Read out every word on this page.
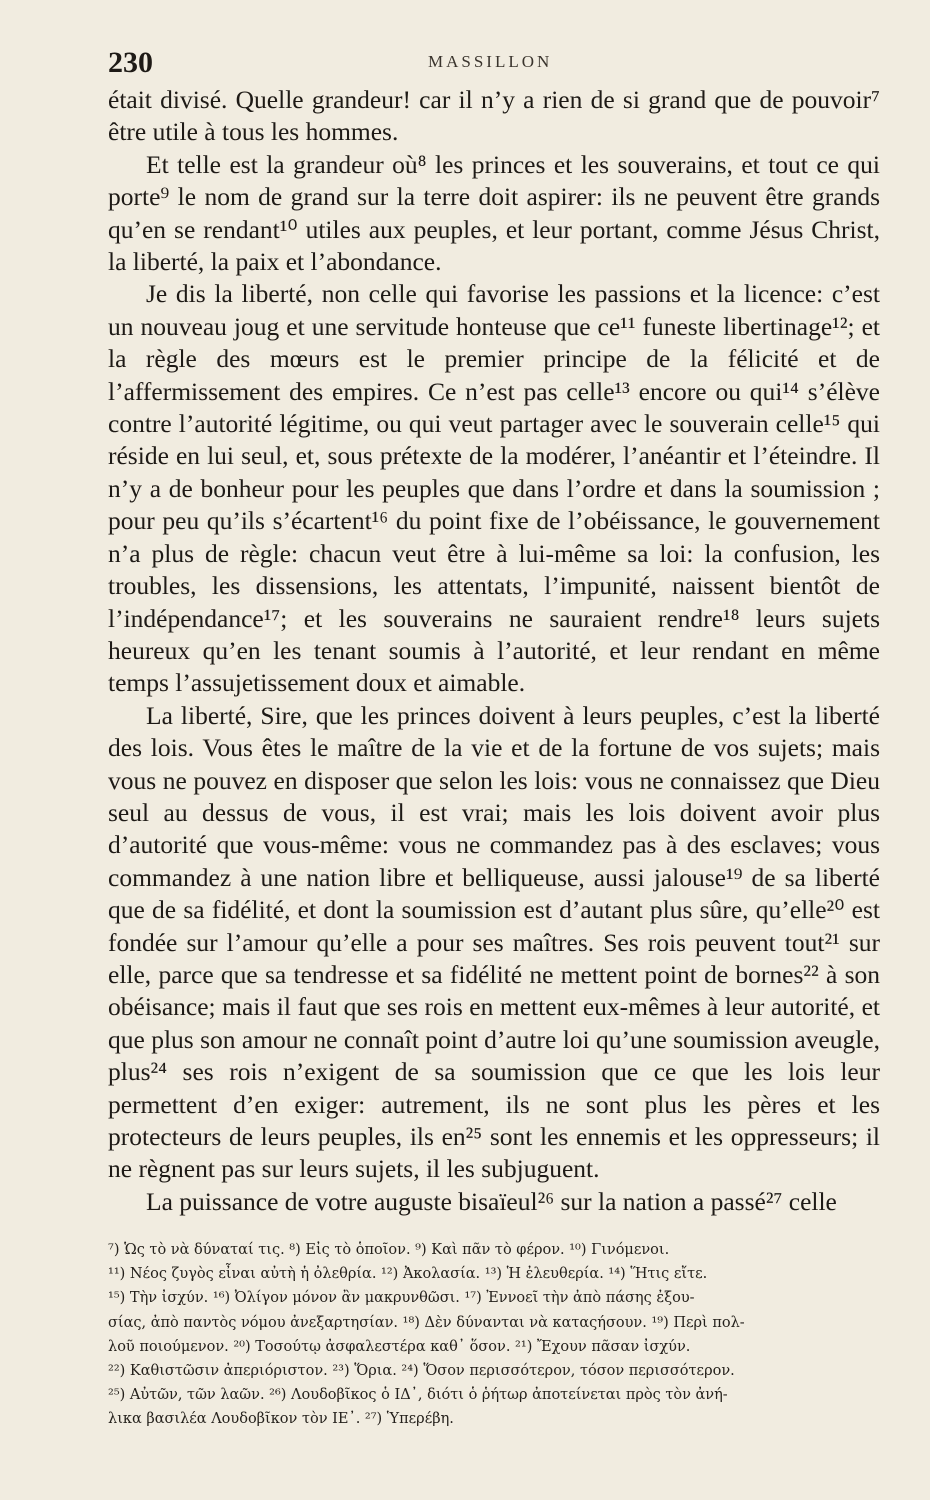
230	MASSILLON

était divisé. Quelle grandeur! car il n’y a rien de si grand que de pouvoir⁷ être utile à tous les hommes.

Et telle est la grandeur où⁸ les princes et les souverains, et tout ce qui porte⁹ le nom de grand sur la terre doit aspirer: ils ne peuvent être grands qu’en se rendant¹⁰ utiles aux peuples, et leur portant, comme Jésus Christ, la liberté, la paix et l’abondance.

Je dis la liberté, non celle qui favorise les passions et la licence: c’est un nouveau joug et une servitude honteuse que ce¹¹ funeste libertinage¹²; et la règle des mœurs est le premier principe de la félicité et de l’affermissement des empires. Ce n’est pas celle¹³ encore ou qui¹⁴ s’élève contre l’autorité légitime, ou qui veut partager avec le souverain celle¹⁵ qui réside en lui seul, et, sous prétexte de la modérer, l’anéantir et l’éteindre. Il n’y a de bonheur pour les peuples que dans l’ordre et dans la soumission ; pour peu qu’ils s’écartent¹⁶ du point fixe de l’obéissance, le gouvernement n’a plus de règle: chacun veut être à lui-même sa loi: la confusion, les troubles, les dissensions, les attentats, l’impunité, naissent bientôt de l’indépendance¹⁷; et les souverains ne sauraient rendre¹⁸ leurs sujets heureux qu’en les tenant soumis à l’autorité, et leur rendant en même temps l’assujetissement doux et aimable.

La liberté, Sire, que les princes doivent à leurs peuples, c’est la liberté des lois. Vous êtes le maître de la vie et de la fortune de vos sujets; mais vous ne pouvez en disposer que selon les lois: vous ne connaissez que Dieu seul au dessus de vous, il est vrai; mais les lois doivent avoir plus d’autorité que vous-même: vous ne commandez pas à des esclaves; vous commandez à une nation libre et belliqueuse, aussi jalouse¹⁹ de sa liberté que de sa fidélité, et dont la soumission est d’autant plus sûre, qu’elle²⁰ est fondée sur l’amour qu’elle a pour ses maîtres. Ses rois peuvent tout²¹ sur elle, parce que sa tendresse et sa fidélité ne mettent point de bornes²² à son obéisance; mais il faut que ses rois en mettent eux-mêmes à leur autorité, et que plus son amour ne connaît point d’autre loi qu’une soumission aveugle, plus²⁴ ses rois n’exigent de sa soumission que ce que les lois leur permettent d’en exiger: autrement, ils ne sont plus les pères et les protecteurs de leurs peuples, ils en²⁵ sont les ennemis et les oppresseurs; il ne règnent pas sur leurs sujets, il les subjuguent.

La puissance de votre auguste bisaïeul²⁶ sur la nation a passé²⁷ celle

⁷) Ὡς τὸ νὰ δύναταί τις. ⁸) Εἰς τὸ ὁποῖον. ⁹) Καὶ πᾶν τὸ φέρον. ¹⁰) Γινόμενοι.
¹¹) Νέος ζυγὸς εἶναι αὐτὴ ἡ ὀλεθρία. ¹²) Ἀκολασία. ¹³) Ἡ ἐλευθερία. ¹⁴) Ἥτις εἴτε.
¹⁵) Τὴν ἰσχύν. ¹⁶) Ὀλίγον μόνον ἂν μακρυνθῶσι. ¹⁷) Ἐννοεῖ τὴν ἀπὸ πάσης ἐξου-
σίας, ἀπὸ παντὸς νόμου ἀνεξαρτησίαν. ¹⁸) Δὲν δύνανται νὰ καταςήσουν. ¹⁹) Περὶ πολ-
λοῦ ποιούμενον. ²⁰) Τοσούτῳ ἀσφαλεστέρα καθ᾽ ὅσον. ²¹) Ἔχουν πᾶσαν ἰσχύν.
²²) Καθιστῶσιν ἀπεριόριστον. ²³) Ὅρια. ²⁴) Ὅσον περισσότερον, τόσον περισσότερον.
²⁵) Αὐτῶν, τῶν λαῶν. ²⁶) Λουδοβῖκος ὁ ΙΔ᾽, διότι ὁ ῥήτωρ ἀποτείνεται πρὸς τὸν ἀνή-
λικα βασιλέα Λουδοβῖκον τὸν ΙΕ᾽. ²⁷) Ὑπερέβη.
